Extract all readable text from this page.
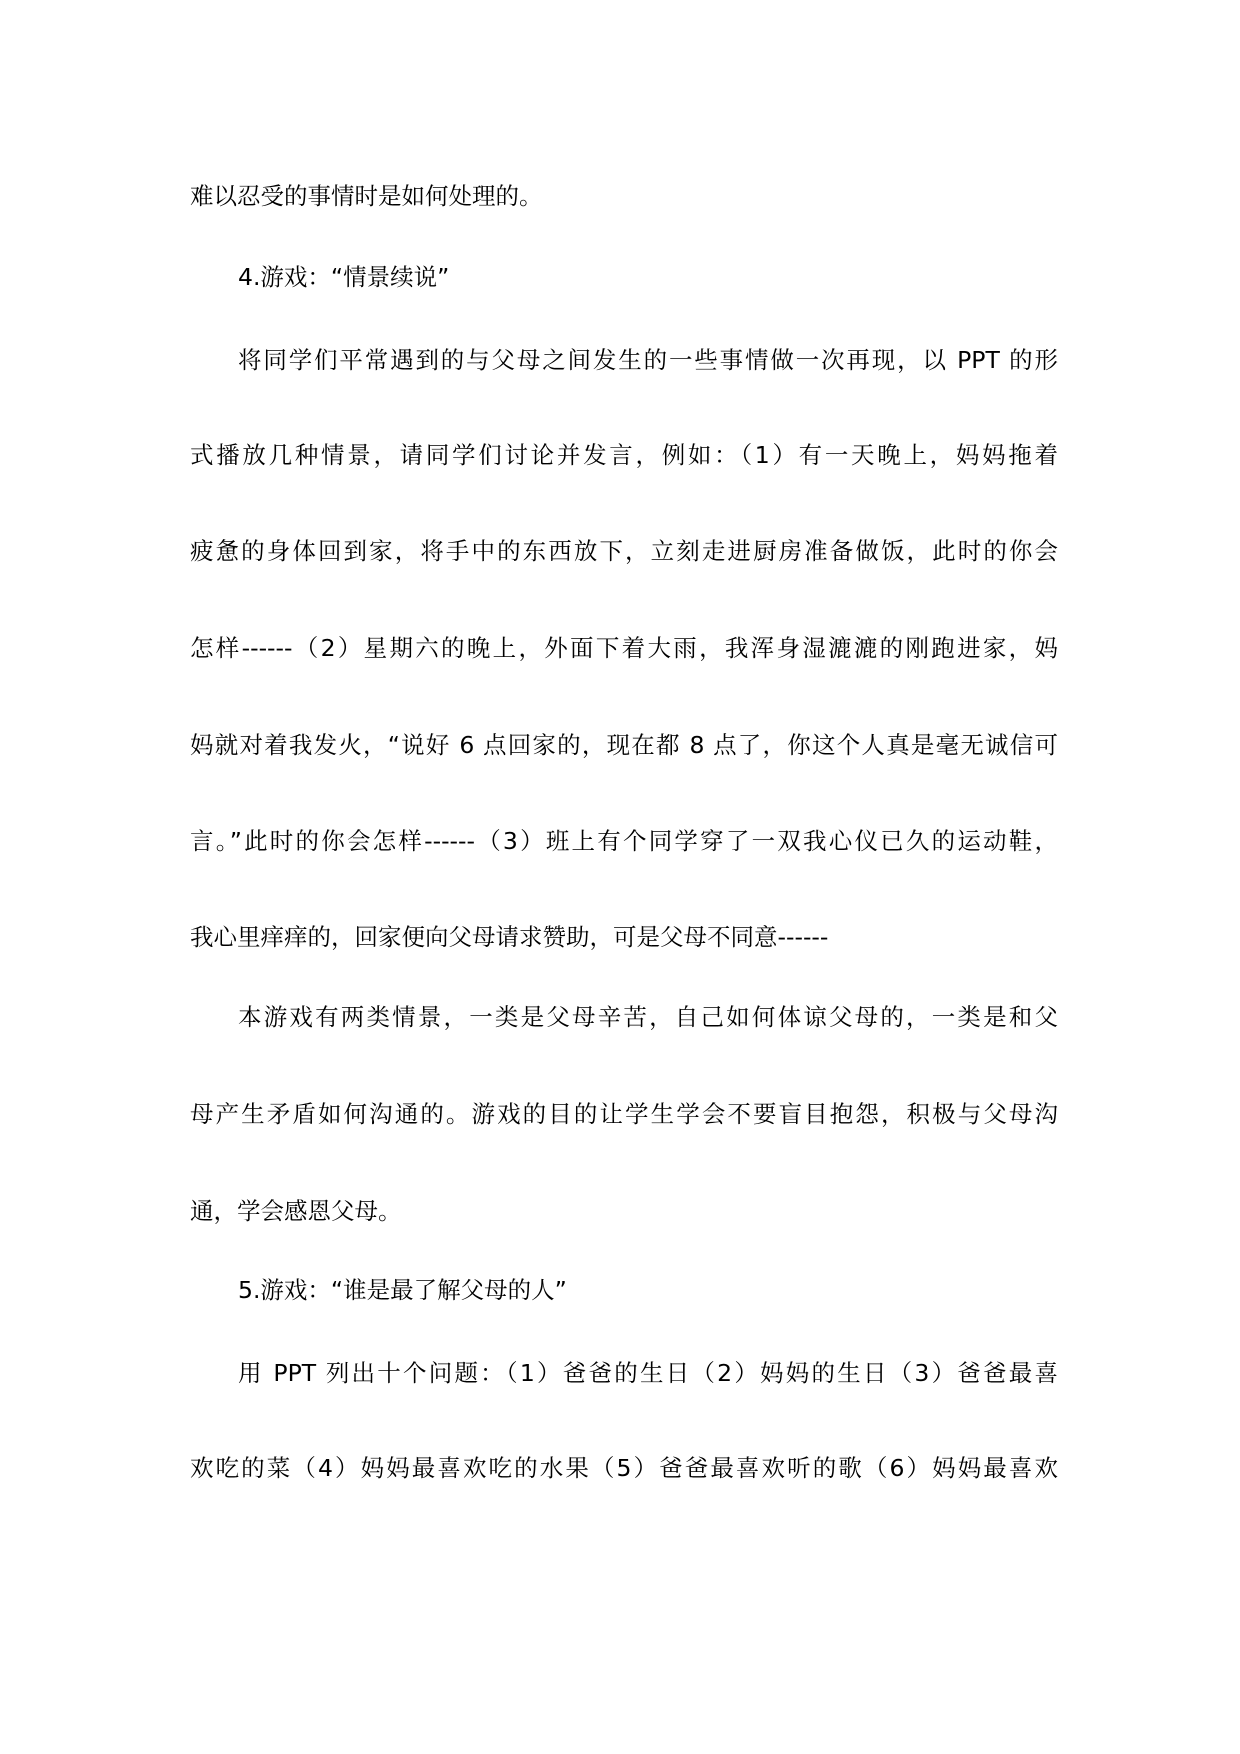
难以忍受的事情时是如何处理的。
4.游戏：“情景续说”
将同学们平常遇到的与父母之间发生的一些事情做一次再现，以 PPT 的形
式播放几种情景，请同学们讨论并发言，例如：（1）有一天晚上，妈妈拖着
疲惫的身体回到家，将手中的东西放下，立刻走进厨房准备做饭，此时的你会
怎样------（2）星期六的晚上，外面下着大雨，我浑身湿漉漉的刚跑进家，妈
妈就对着我发火，“说好 6 点回家的，现在都 8 点了，你这个人真是毫无诚信可
言。”此时的你会怎样------（3）班上有个同学穿了一双我心仪已久的运动鞋，
我心里痒痒的，回家便向父母请求赞助，可是父母不同意------
本游戏有两类情景，一类是父母辛苦，自己如何体谅父母的，一类是和父
母产生矛盾如何沟通的。游戏的目的让学生学会不要盲目抱怨，积极与父母沟
通，学会感恩父母。
5.游戏：“谁是最了解父母的人”
用 PPT 列出十个问题：（1）爸爸的生日（2）妈妈的生日（3）爸爸最喜
欢吃的菜（4）妈妈最喜欢吃的水果（5）爸爸最喜欢听的歌（6）妈妈最喜欢
